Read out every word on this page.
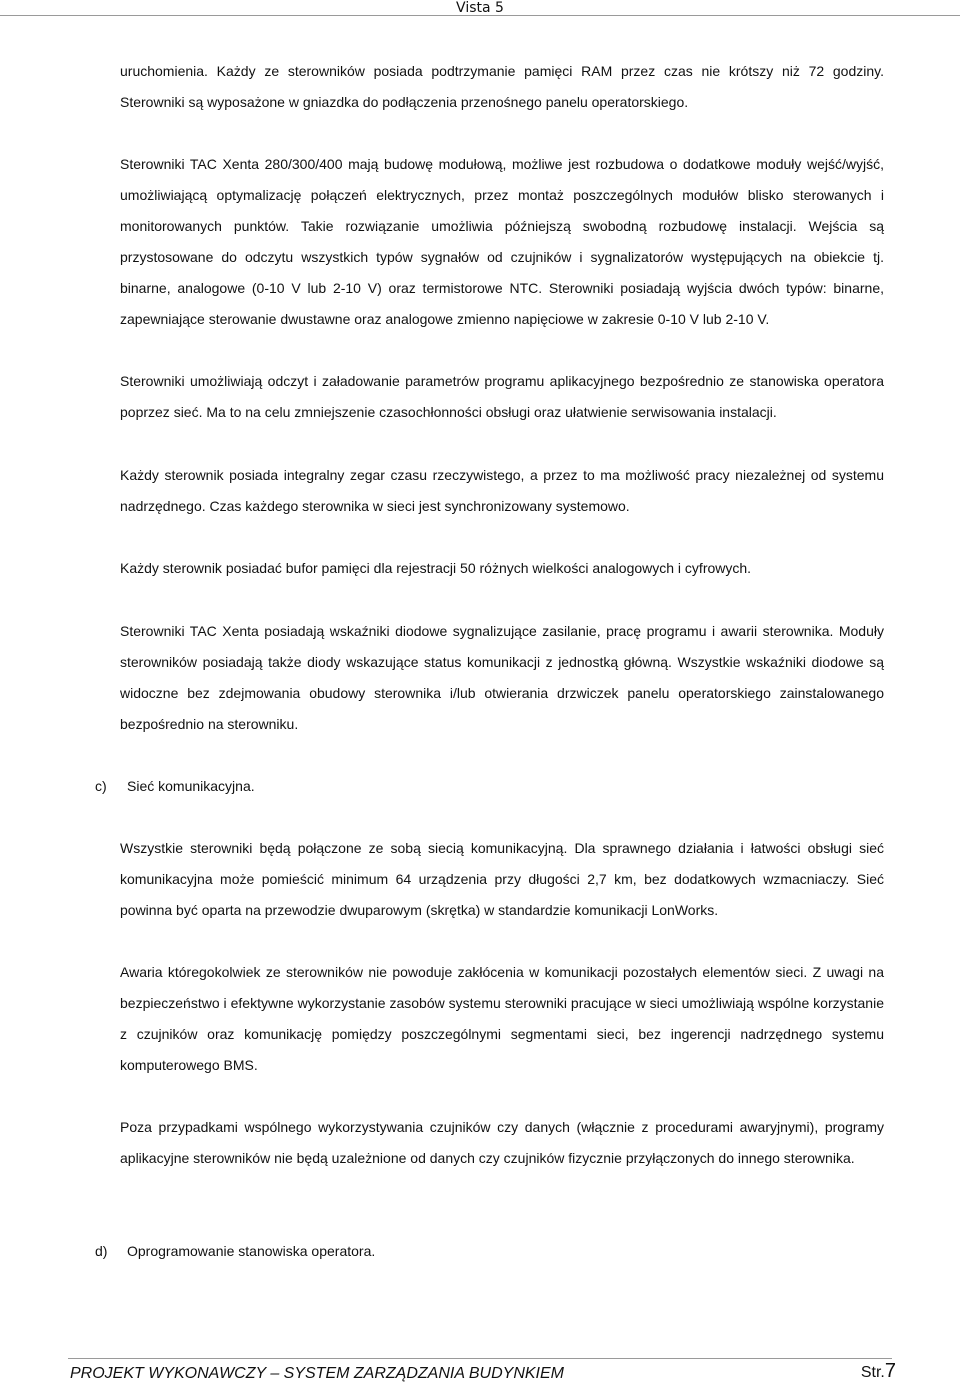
Vista 5

uruchomienia. Każdy ze sterowników posiada podtrzymanie pamięci RAM przez czas nie krótszy niż 72 godziny. Sterowniki są wyposażone w gniazdka do podłączenia przenośnego panelu operatorskiego.

Sterowniki TAC Xenta 280/300/400 mają budowę modułową, możliwe jest rozbudowa o dodatkowe moduły wejść/wyjść, umożliwiającą optymalizację połączeń elektrycznych, przez montaż poszczególnych modułów blisko sterowanych i monitorowanych punktów. Takie rozwiązanie umożliwia późniejszą swobodną rozbudowę instalacji. Wejścia są przystosowane do odczytu wszystkich typów sygnałów od czujników i sygnalizatorów występujących na obiekcie tj. binarne, analogowe (0-10 V lub 2-10 V) oraz termistorowe NTC. Sterowniki posiadają wyjścia dwóch typów: binarne, zapewniające sterowanie dwustawne oraz analogowe zmienno napięciowe w zakresie 0-10 V lub 2-10 V.

Sterowniki umożliwiają odczyt i załadowanie parametrów programu aplikacyjnego bezpośrednio ze stanowiska operatora poprzez sieć. Ma to na celu zmniejszenie czasochłonności obsługi oraz ułatwienie serwisowania instalacji.

Każdy sterownik posiada integralny zegar czasu rzeczywistego, a przez to ma możliwość pracy niezależnej od systemu nadrzędnego. Czas każdego sterownika w sieci jest synchronizowany systemowo.

Każdy sterownik posiadać bufor pamięci dla rejestracji 50 różnych wielkości analogowych i cyfrowych.

Sterowniki TAC Xenta posiadają wskaźniki diodowe sygnalizujące zasilanie, pracę programu i awarii sterownika. Moduły sterowników posiadają także diody wskazujące status komunikacji z jednostką główną. Wszystkie wskaźniki diodowe są widoczne bez zdejmowania obudowy sterownika i/lub otwierania drzwiczek panelu operatorskiego zainstalowanego bezpośrednio na sterowniku.

c) Sieć komunikacyjna.

Wszystkie sterowniki będą połączone ze sobą siecią komunikacyjną. Dla sprawnego działania i łatwości obsługi sieć komunikacyjna może pomieścić minimum 64 urządzenia przy długości 2,7 km, bez dodatkowych wzmacniaczy. Sieć powinna być oparta na przewodzie dwuparowym (skrętka) w standardzie komunikacji LonWorks.

Awaria któregokolwiek ze sterowników nie powoduje zakłócenia w komunikacji pozostałych elementów sieci. Z uwagi na bezpieczeństwo i efektywne wykorzystanie zasobów systemu sterowniki pracujące w sieci umożliwiają wspólne korzystanie z czujników oraz komunikację pomiędzy poszczególnymi segmentami sieci, bez ingerencji nadrzędnego systemu komputerowego BMS.

Poza przypadkami wspólnego wykorzystywania czujników czy danych (włącznie z procedurami awaryjnymi), programy aplikacyjne sterowników nie będą uzależnione od danych czy czujników fizycznie przyłączonych do innego sterownika.

d) Oprogramowanie stanowiska operatora.
PROJEKT WYKONAWCZY – SYSTEM ZARZĄDZANIA BUDYNKIEM	Str.7
